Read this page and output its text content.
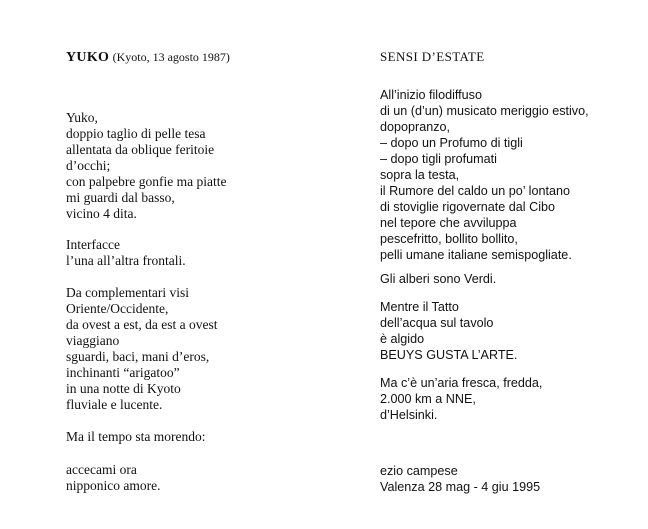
YUKO (Kyoto, 13 agosto 1987)
Yuko,
doppio taglio di pelle tesa
allentata da oblique feritoie
d’occhi;
con palpebre gonfie ma piatte
mi guardi dal basso,
vicino 4 dita.
Interfacce
l’una all’altra frontali.
Da complementari visi
Oriente/Occidente,
da ovest a est, da est a ovest
viaggiano
sguardi, baci, mani d’eros,
inchinanti “arigatoo”
in una notte di Kyoto
fluviale e lucente.
Ma il tempo sta morendo:
accecami ora
nipponico amore.
SENSI D’ESTATE
All’inizio filodiffuso
di un (d’un) musicato meriggio estivo,
dopopranzo,
– dopo un Profumo di tigli
– dopo tigli profumati
sopra la testa,
il Rumore del caldo un po’ lontano
di stoviglie rigovernate dal Cibo
nel tepore che avviluppa
pescefritto, bollito bollito,
pelli umane italiane semispogliate.
Gli alberi sono Verdi.
Mentre il Tatto
dell’acqua sul tavolo
è algido
BEUYS GUSTA L’ARTE.
Ma c’è un’aria fresca, fredda,
2.000 km a NNE,
d’Helsinki.
ezio campese
Valenza 28 mag - 4 giu 1995
